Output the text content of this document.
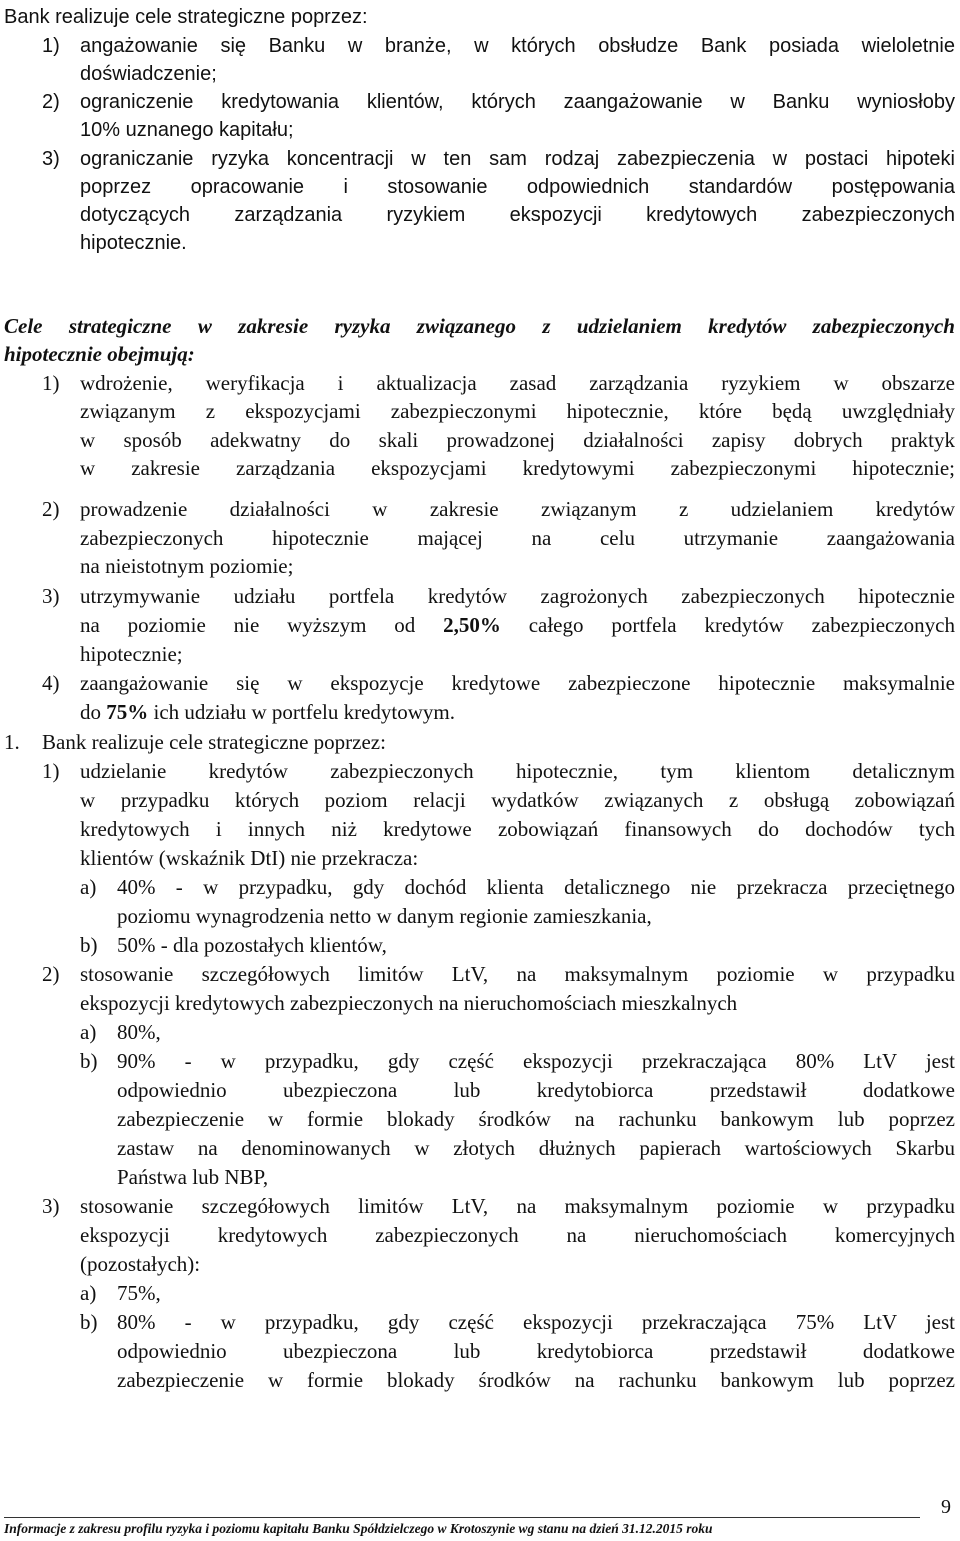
Bank realizuje cele strategiczne poprzez:
1) angażowanie się Banku w branże, w których obsłudze Bank posiada wieloletnie
doświadczenie;
2) ograniczenie kredytowania klientów, których zaangażowanie w Banku wyniosłoby
10% uznanego kapitału;
3) ograniczanie ryzyka koncentracji w ten sam rodzaj zabezpieczenia w postaci hipoteki
poprzez opracowanie i stosowanie odpowiednich standardów postępowania
dotyczących zarządzania ryzykiem ekspozycji kredytowych zabezpieczonych
hipotecznie.
Cele strategiczne w zakresie ryzyka związanego z udzielaniem kredytów zabezpieczonych
hipotecznie obejmują:
1) wdrożenie, weryfikacja i aktualizacja zasad zarządzania ryzykiem w obszarze
związanym z ekspozycjami zabezpieczonymi hipotecznie, które będą uwzględniały
w sposób adekwatny do skali prowadzonej działalności zapisy dobrych praktyk
w zakresie zarządzania ekspozycjami kredytowymi zabezpieczonymi hipotecznie;
2) prowadzenie działalności w zakresie związanym z udzielaniem kredytów
zabezpieczonych hipotecznie mającej na celu utrzymanie zaangażowania
na nieistotnym poziomie;
3) utrzymywanie udziału portfela kredytów zagrożonych zabezpieczonych hipotecznie
na poziomie nie wyższym od 2,50% całego portfela kredytów zabezpieczonych
hipotecznie;
4) zaangażowanie się w ekspozycje kredytowe zabezpieczone hipotecznie maksymalnie
do 75% ich udziału w portfelu kredytowym.
1. Bank realizuje cele strategiczne poprzez:
1) udzielanie kredytów zabezpieczonych hipotecznie, tym klientom detalicznym
w przypadku których poziom relacji wydatków związanych z obsługą zobowiązań
kredytowych i innych niż kredytowe zobowiązań finansowych do dochodów tych
klientów (wskaźnik DtI) nie przekracza:
a) 40% - w przypadku, gdy dochód klienta detalicznego nie przekracza przeciętnego
poziomu wynagrodzenia netto w danym regionie zamieszkania,
b) 50% - dla pozostałych klientów,
2) stosowanie szczegółowych limitów LtV, na maksymalnym poziomie w przypadku
ekspozycji kredytowych zabezpieczonych na nieruchomościach mieszkalnych
a) 80%,
b) 90% - w przypadku, gdy część ekspozycji przekraczająca 80% LtV jest
odpowiednio ubezpieczona lub kredytobiorca przedstawił dodatkowe
zabezpieczenie w formie blokady środków na rachunku bankowym lub poprzez
zastaw na denominowanych w złotych dłużnych papierach wartościowych Skarbu
Państwa lub NBP,
3) stosowanie szczegółowych limitów LtV, na maksymalnym poziomie w przypadku
ekspozycji kredytowych zabezpieczonych na nieruchomościach komercyjnych
(pozostałych):
a) 75%,
b) 80% - w przypadku, gdy część ekspozycji przekraczająca 75% LtV jest
odpowiednio ubezpieczona lub kredytobiorca przedstawił dodatkowe
zabezpieczenie w formie blokady środków na rachunku bankowym lub poprzez
9
Informacje z zakresu profilu ryzyka i poziomu kapitału Banku Spółdzielczego w Krotoszynie wg stanu na dzień 31.12.2015 roku
